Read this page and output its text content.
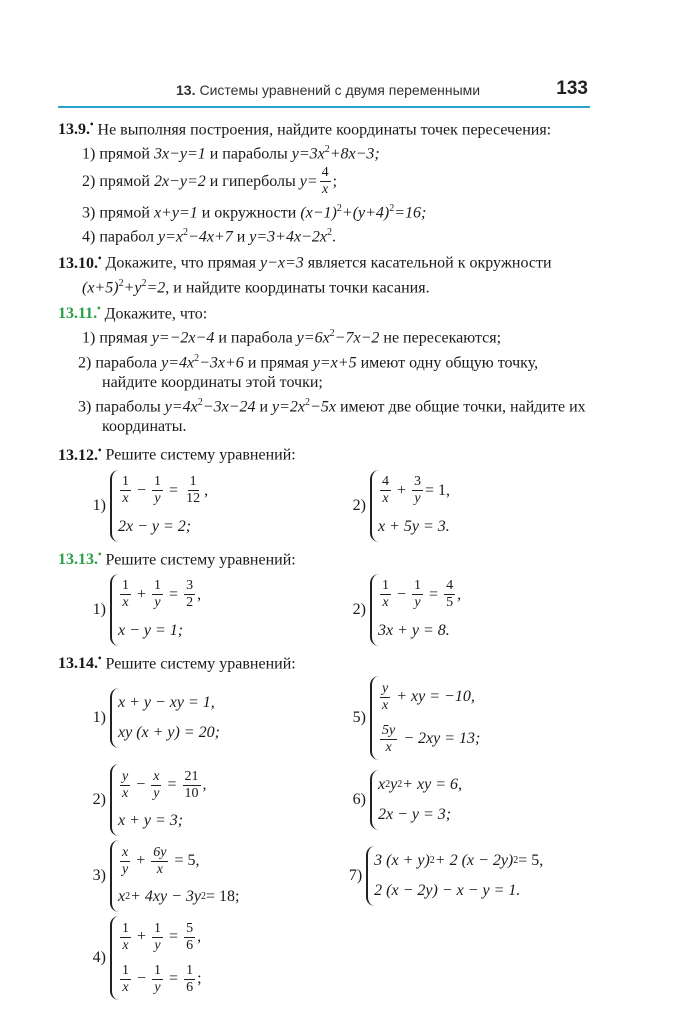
13. Системы уравнений с двумя переменными	133
13.9.• Не выполняя построения, найдите координаты точек пересечения:
1) прямой 3x−y=1 и параболы $y=3x^2+8x-3$;
2) прямой
2x−y=2
и гиперболы
$y= \frac{4}{x}$ ;
3) прямой x+y=1 и окружности $(x-1)^2+(y+4)^2=16$;
4) парабол $y=x^2-4x+7$ и $y=3+4x-2x^2$.
13.10.• Докажите, что прямая y−x=3 является касательной к окружности $(x+5)^2+y^2=2$, и найдите координаты точки касания.
13.11.• Докажите, что:
1) прямая y=−2x−4 и парабола $y=6x^2-7x-2$ не пересекаются;
2) парабола $y=4x^2-3x+6$ и прямая y=x+5 имеют одну общую точку, найдите координаты этой точки;
3) параболы $y=4x^2-3x-24$ и $y=2x^2-5x$ имеют две общие точки, найдите их координаты.
13.12.• Решите систему уравнений:
$1) \frac{1}{x} - \frac{1}{y} = \frac{1}{12}$ ,
2x − y = 2;
$2) \frac{4}{x} + \frac{3}{y} = 1$,
x + 5y = 3.
13.13.• Решите систему уравнений:
$1) \frac{1}{x} + \frac{1}{y} = \frac{3}{2}$ ,
x − y = 1;
$2) \frac{1}{x} - \frac{1}{y} = \frac{4}{5}$ ,
3x + y = 8.
13.14.• Решите систему уравнений:
1)
x + y − xy = 1,
xy (x + y) = 20;
5)
$\frac{y}{x}$
+ xy = −10,
$\frac{5y}{x}$
− 2xy = 13;
$2) \frac{y}{x} - \frac{x}{y} = \frac{21}{10}$ ,
x + y = 3;
6)
x 2 y 2 + xy = 6,
2x − y = 3;
$3) \frac{x}{y} + \frac{6y}{x}$
= 5,
x 2 + 4xy − 3y 2 = 18;
7)
3 (x + y) 2 + 2 (x − 2y) 2 = 5,
2 (x − 2y) − x − y = 1.
4)
$\frac{1}{x} + \frac{1}{y} = \frac{5}{6}$ ,
$\frac{1}{x} - \frac{1}{y} = \frac{1}{6}$ ;
